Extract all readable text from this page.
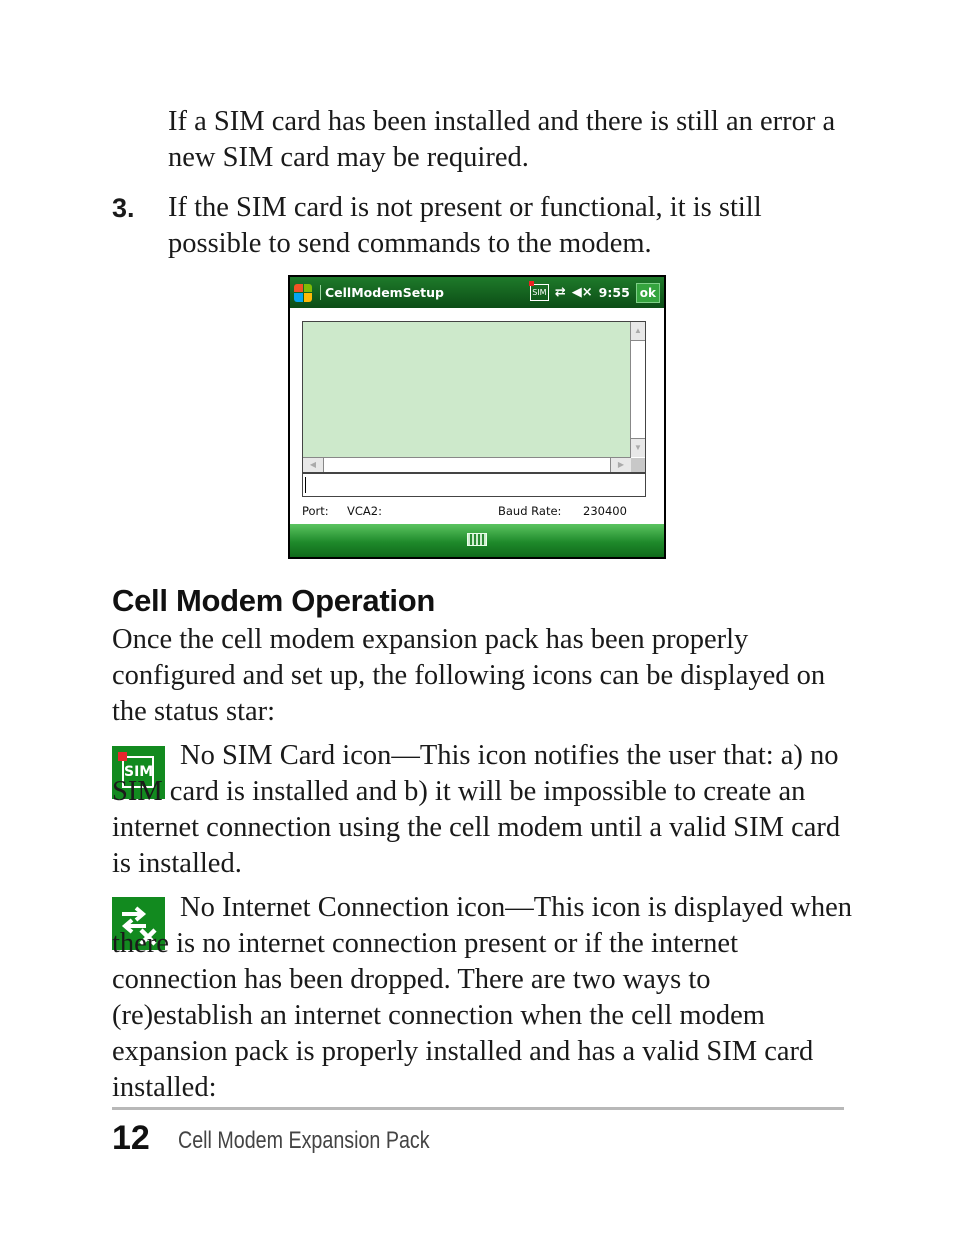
If a SIM card has been installed and there is still an error a new SIM card may be required.
3. If the SIM card is not present or functional, it is still possible to send commands to the modem.
CellModemSetup	SIM ⇄ ◀× 9:55 ok
▲
▼
◀	▶
Port: VCA2:	Baud Rate: 230400
Cell Modem Operation
Once the cell modem expansion pack has been properly configured and set up, the following icons can be displayed on the status star:
SIM
No SIM Card icon—This icon notifies the user that: a) no SIM card is installed and b) it will be impossible to create an internet connection using the cell modem until a valid SIM card is installed.
No Internet Connection icon—This icon is displayed when there is no internet connection present or if the internet connection has been dropped. There are two ways to (re)establish an internet connection when the cell modem expansion pack is properly installed and has a valid SIM card installed:
12 Cell Modem Expansion Pack
